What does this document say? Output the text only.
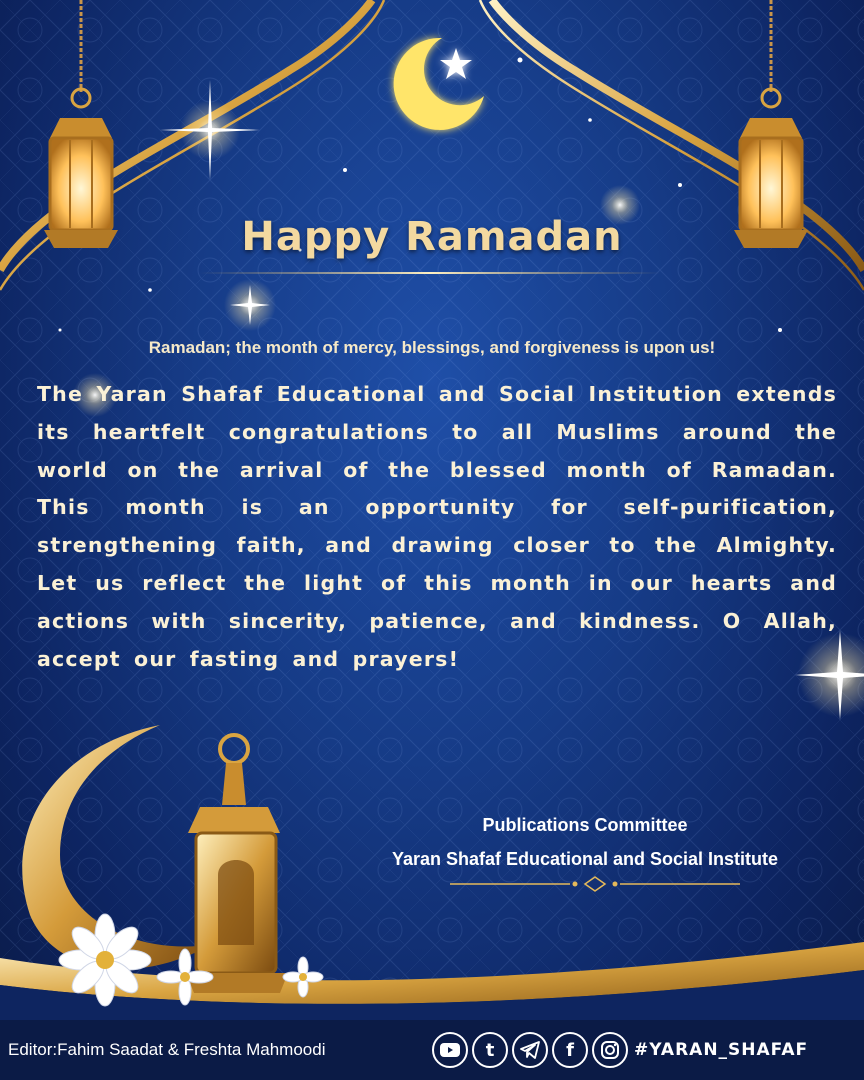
Happy Ramadan
Ramadan; the month of mercy, blessings, and forgiveness is upon us!
The Yaran Shafaf Educational and Social Institution extends its heartfelt congratulations to all Muslims around the world on the arrival of the blessed month of Ramadan. This month is an opportunity for self-purification, strengthening faith, and drawing closer to the Almighty. Let us reflect the light of this month in our hearts and actions with sincerity, patience, and kindness. O Allah, accept our fasting and prayers!
Publications Committee
Yaran Shafaf Educational and Social Institute
Editor:Fahim Saadat & Freshta Mahmoodi	t	f	#YARAN_SHAFAF
